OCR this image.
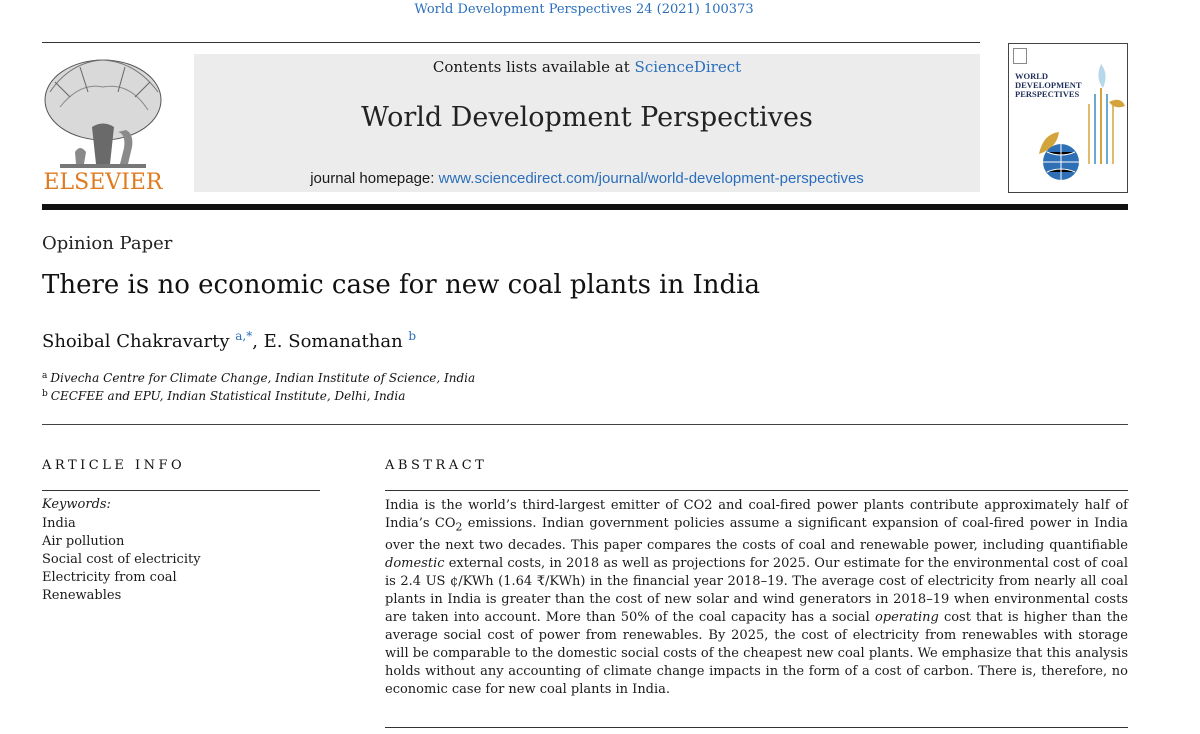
World Development Perspectives 24 (2021) 100373
ELSEVIER
Contents lists available at ScienceDirect
World Development Perspectives
journal homepage: www.sciencedirect.com/journal/world-development-perspectives
WORLD
DEVELOPMENT
PERSPECTIVES
Opinion Paper
There is no economic case for new coal plants in India
Shoibal Chakravarty $^{a,*}$, E. Somanathan $^b$
$^a$ Divecha Centre for Climate Change, Indian Institute of Science, India
$^b$ CECFEE and EPU, Indian Statistical Institute, Delhi, India
ARTICLE INFO
Keywords:
India
Air pollution
Social cost of electricity
Electricity from coal
Renewables
ABSTRACT

India is the world’s third-largest emitter of CO2 and coal-fired power plants contribute approximately half of India’s $CO_2$ emissions. Indian government policies assume a significant expansion of coal-fired power in India over the next two decades. This paper compares the costs of coal and renewable power, including quantifiable domestic external costs, in 2018 as well as projections for 2025. Our estimate for the environmental cost of coal is 2.4 US ¢/KWh (1.64 ₹/KWh) in the financial year 2018–19. The average cost of electricity from nearly all coal plants in India is greater than the cost of new solar and wind generators in 2018–19 when environmental costs are taken into account. More than 50% of the coal capacity has a social operating cost that is higher than the average social cost of power from renewables. By 2025, the cost of electricity from renewables with storage will be comparable to the domestic social costs of the cheapest new coal plants. We emphasize that this analysis holds without any accounting of climate change impacts in the form of a cost of carbon. There is, therefore, no economic case for new coal plants in India.
